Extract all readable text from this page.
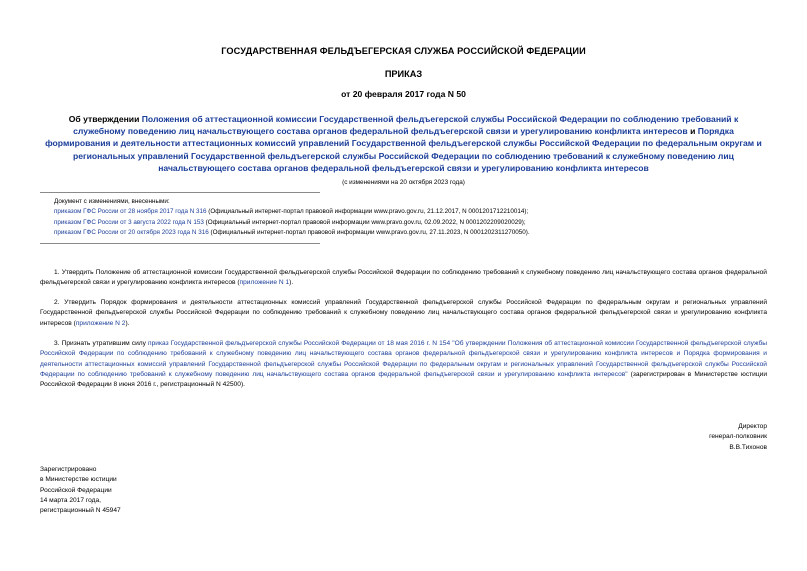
ГОСУДАРСТВЕННАЯ ФЕЛЬДЪЕГЕРСКАЯ СЛУЖБА РОССИЙСКОЙ ФЕДЕРАЦИИ
ПРИКАЗ
от 20 февраля 2017 года N 50
Об утверждении Положения об аттестационной комиссии Государственной фельдъегерской службы Российской Федерации по соблюдению требований к служебному поведению лиц начальствующего состава органов федеральной фельдъегерской связи и урегулированию конфликта интересов и Порядка формирования и деятельности аттестационных комиссий управлений Государственной фельдъегерской службы Российской Федерации по федеральным округам и региональных управлений Государственной фельдъегерской службы Российской Федерации по соблюдению требований к служебному поведению лиц начальствующего состава органов федеральной фельдъегерской связи и урегулированию конфликта интересов
(с изменениями на 20 октября 2023 года)
Документ с изменениями, внесенными:
приказом ГФС России от 28 ноября 2017 года N 316 (Официальный интернет-портал правовой информации www.pravo.gov.ru, 21.12.2017, N 0001201712210014);
приказом ГФС России от 3 августа 2022 года N 153 (Официальный интернет-портал правовой информации www.pravo.gov.ru, 02.09.2022, N 0001202209020029);
приказом ГФС России от 20 октября 2023 года N 316 (Официальный интернет-портал правовой информации www.pravo.gov.ru, 27.11.2023, N 0001202311270050).
1. Утвердить Положение об аттестационной комиссии Государственной фельдъегерской службы Российской Федерации по соблюдению требований к служебному поведению лиц начальствующего состава органов федеральной фельдъегерской связи и урегулированию конфликта интересов (приложение N 1).
2. Утвердить Порядок формирования и деятельности аттестационных комиссий управлений Государственной фельдъегерской службы Российской Федерации по федеральным округам и региональных управлений Государственной фельдъегерской службы Российской Федерации по соблюдению требований к служебному поведению лиц начальствующего состава органов федеральной фельдъегерской связи и урегулированию конфликта интересов (приложение N 2).
3. Признать утратившим силу приказ Государственной фельдъегерской службы Российской Федерации от 18 мая 2016 г. N 154 "Об утверждении Положения об аттестационной комиссии Государственной фельдъегерской службы Российской Федерации по соблюдению требований к служебному поведению лиц начальствующего состава органов федеральной фельдъегерской связи и урегулированию конфликта интересов и Порядка формирования и деятельности аттестационных комиссий управлений Государственной фельдъегерской службы Российской Федерации по федеральным округам и региональных управлений Государственной фельдъегерской службы Российской Федерации по соблюдению требований к служебному поведению лиц начальствующего состава органов федеральной фельдъегерской связи и урегулированию конфликта интересов" (зарегистрирован в Министерстве юстиции Российской Федерации 8 июня 2016 г., регистрационный N 42500).
Директор
генерал-полковник
В.В.Тихонов
Зарегистрировано
в Министерстве юстиции
Российской Федерации
14 марта 2017 года,
регистрационный N 45947
